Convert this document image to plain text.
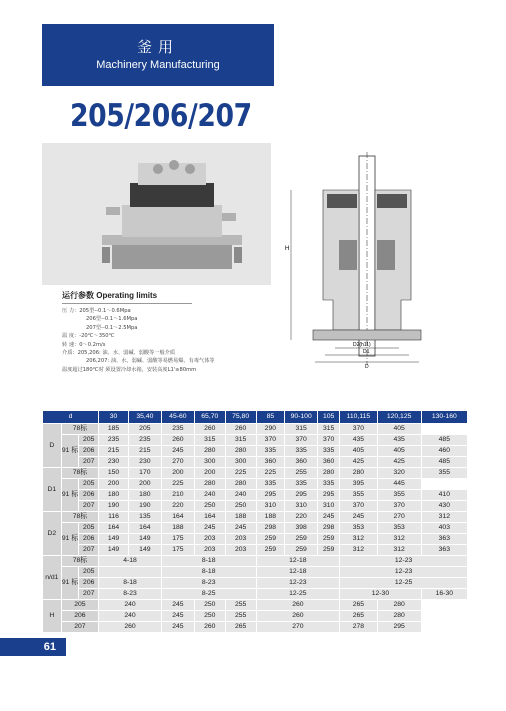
釜用
Machinery Manufacturing
205/206/207
H
D2(h11)
D1
D
运行参数 Operating limits
压 力：205型--0.1～0.6Mpa
206型--0.1～1.6Mpa
207型--0.1～2.5Mpa
温 度：-20℃～350℃
转 速：0～0.2m/s
介质：205,206: 油、水、弱碱、弱酸等一般介质
206,207: 油、水、弱碱、弱酸等易燃易爆、有毒气体等
温度超过180℃时 须设置冷却水箱，安装高度L1'≥80mm
d			30	35,40	45-60	65,70	75,80	85	90-100	105	110,115	120,125	130-160
D	78标		185	205	235	260	260	290	315	315	370	405	
	91 标	205	235	235	260	315	315	370	370	370	435	435	485
		206	215	215	245	280	280	335	335	335	405	405	460
		207	230	230	270	300	300	360	360	360	425	425	485
D1	78标		150	170	200	200	225	225	255	280	280	320	355
	91 标	205	200	200	225	280	280	335	335	335	395	445	
		206	180	180	210	240	240	295	295	295	355	355	410
		207	190	190	220	250	250	310	310	310	370	370	430
D2	78标		116	135	164	164	188	188	220	245	245	270	312
	91 标	205	164	164	188	245	245	298	398	298	353	353	403
		206	149	149	175	203	203	259	259	259	312	312	363
		207	149	149	175	203	203	259	259	259	312	312	363
n/d1	78标		4-18		8-18			12-18			12-23		
	91 标	205			8-18			12-18			12-23		
		206	8-18		8-23			12-23			12-25		
		207	8-23		8-25			12-25			12-30		16-30
H	205		240		245	250	255	260			265	280	
	206		240		245	250	255	260			265	280	
	207		260		245	260	265	270			278	295	
61
